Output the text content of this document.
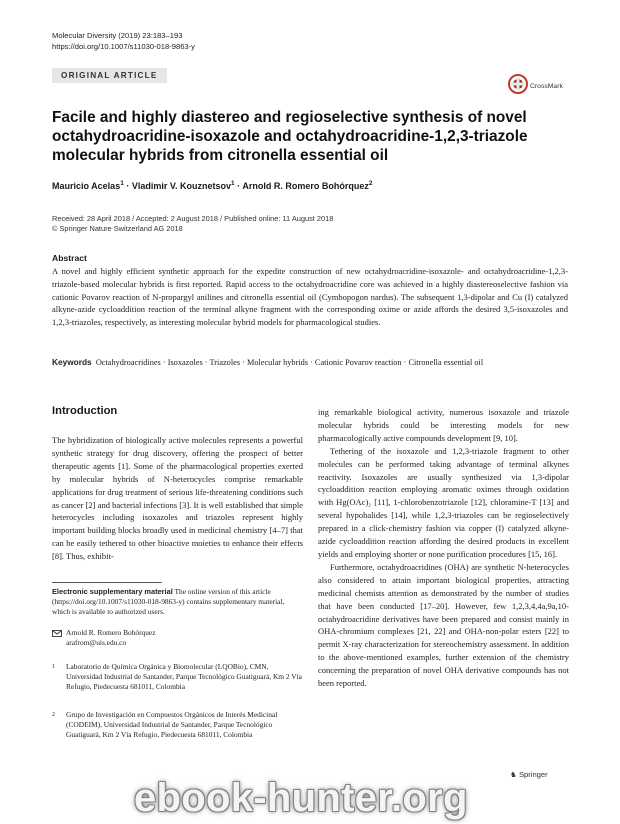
Molecular Diversity (2019) 23:183–193
https://doi.org/10.1007/s11030-018-9863-y
ORIGINAL ARTICLE
CrossMark
Facile and highly diastereo and regioselective synthesis of novel octahydroacridine-isoxazole and octahydroacridine-1,2,3-triazole molecular hybrids from citronella essential oil
Mauricio Acelas$^1$ · Vladimir V. Kouznetsov$^1$ · Arnold R. Romero Bohórquez$^2$
Received: 28 April 2018 / Accepted: 2 August 2018 / Published online: 11 August 2018
© Springer Nature Switzerland AG 2018
Abstract
A novel and highly efficient synthetic approach for the expedite construction of new octahydroacridine-isoxazole- and octahydroacridine-1,2,3-triazole-based molecular hybrids is first reported. Rapid access to the octahydroacridine core was achieved in a highly diastereoselective fashion via cationic Povarov reaction of N-propargyl anilines and citronella essential oil (Cymbopogon nardus). The subsequent 1,3-dipolar and Cu (I) catalyzed alkyne-azide cycloaddition reaction of the terminal alkyne fragment with the corresponding oxime or azide affords the desired 3,5-isoxazoles and 1,2,3-triazoles, respectively, as interesting molecular hybrid models for pharmacological studies.
Keywords Octahydroacridines · Isoxazoles · Triazoles · Molecular hybrids · Cationic Povarov reaction · Citronella essential oil
Introduction

The hybridization of biologically active molecules represents a powerful synthetic strategy for drug discovery, offering the prospect of better therapeutic agents [1]. Some of the pharmacological properties exerted by molecular hybrids of N-heterocycles comprise remarkable applications for drug treatment of serious life-threatening conditions such as cancer [2] and bacterial infections [3]. It is well established that simple heterocycles including isoxazoles and triazoles represent highly important building blocks broadly used in medicinal chemistry [4–7] that can be easily tethered to other bioactive moieties to enhance their effects [8]. Thus, exhibit-

ing remarkable biological activity, numerous isoxazole and triazole molecular hybrids could be interesting models for new pharmacologically active compounds development [9, 10].

Tethering of the isoxazole and 1,2,3-triazole fragment to other molecules can be performed taking advantage of terminal alkynes reactivity. Isoxazoles are usually synthesized via 1,3-dipolar cycloaddition reaction employing aromatic oximes through oxidation with Hg(OAc)₂ [11], 1-chlorobenzotriazole [12], chloramine-T [13] and several hypohalides [14], while 1,2,3-triazoles can be regioselectively prepared in a click-chemistry fashion via copper (I) catalyzed alkyne-azide cycloaddition reaction affording the desired products in excellent yields and employing shorter or none purification procedures [15, 16].

Furthermore, octahydroacridines (OHA) are synthetic N-heterocycles also considered to attain important biological properties, attracting medicinal chemists attention as demonstrated by the number of studies that have been conducted [17–20]. However, few 1,2,3,4,4a,9a,10-octahydroacridine derivatives have been prepared and consist mainly in OHA-chromium complexes [21, 22] and OHA-non-polar esters [22] to permit X-ray characterization for stereochemistry assessment. In addition to the above-mentioned examples, further extension of the chemistry concerning the preparation of novel OHA derivative compounds has not been reported.

Electronic supplementary material The online version of this article (https://doi.org/10.1007/s11030-018-9863-y) contains supplementary material, which is available to authorized users.
Arnold R. Romero Bohórquez
arafrom@uis.edu.co
1 Laboratorio de Química Orgánica y Biomolecular (LQOBio), CMN, Universidad Industrial de Santander, Parque Tecnológico Guatiguará, Km 2 Vía Refugio, Piedecuesta 681011, Colombia
2 Grupo de Investigación en Compuestos Orgánicos de Interés Medicinal (CODEIM), Universidad Industrial de Santander, Parque Tecnológico Guatiguará, Km 2 Vía Refugio, Piedecuesta 681011, Colombia
♞ Springer
ebook-hunter.org
